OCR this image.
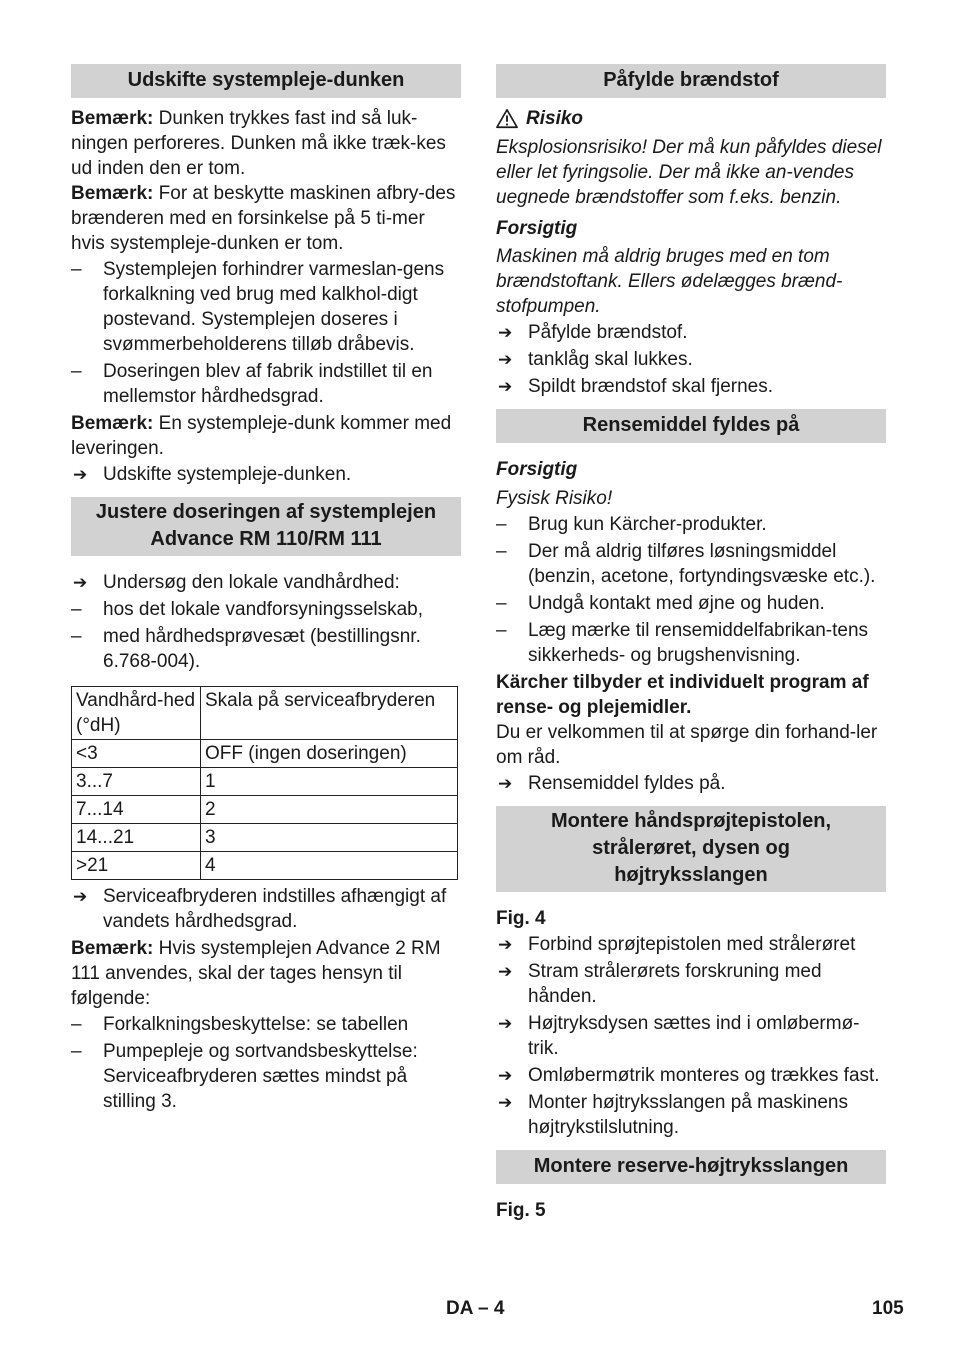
Udskifte systempleje-dunken

Bemærk: Dunken trykkes fast ind så luk-ningen perforeres. Dunken må ikke træk-kes ud inden den er tom.

Bemærk: For at beskytte maskinen afbry-des brænderen med en forsinkelse på 5 ti-mer hvis systempleje-dunken er tom.

– Systemplejen forhindrer varmeslan-gens forkalkning ved brug med kalkhol-digt postevand. Systemplejen doseres i svømmerbeholderens tilløb dråbevis.
– Doseringen blev af fabrik indstillet til en mellemstor hårdhedsgrad.

Bemærk: En systempleje-dunk kommer med leveringen.

➔ Udskifte systempleje-dunken.
Justere doseringen af systemplejen
Advance RM 110/RM 111
➔ Undersøg den lokale vandhårdhed:
– hos det lokale vandforsyningsselskab,
– med hårdhedsprøvesæt (bestillingsnr. 6.768-004).
Vandhård-hed (°dH)	Skala på serviceafbryderen
<3	OFF (ingen doseringen)
3...7	1
7...14	2
14...21	3
>21	4
➔ Serviceafbryderen indstilles afhængigt af vandets hårdhedsgrad.

Bemærk: Hvis systemplejen Advance 2 RM 111 anvendes, skal der tages hensyn til følgende:

– Forkalkningsbeskyttelse: se tabellen
– Pumpepleje og sortvandsbeskyttelse: Serviceafbryderen sættes mindst på stilling 3.
Påfylde brændstof
Risiko

Eksplosionsrisiko! Der må kun påfyldes diesel eller let fyringsolie. Der må ikke an-vendes uegnede brændstoffer som f.eks. benzin.

Forsigtig

Maskinen må aldrig bruges med en tom brændstoftank. Ellers ødelægges brænd-stofpumpen.

➔ Påfylde brændstof.
➔ tanklåg skal lukkes.
➔ Spildt brændstof skal fjernes.
Rensemiddel fyldes på

Forsigtig

Fysisk Risiko!

– Brug kun Kärcher-produkter.
– Der må aldrig tilføres løsningsmiddel (benzin, acetone, fortyndingsvæske etc.).
– Undgå kontakt med øjne og huden.
– Læg mærke til rensemiddelfabrikan-tens sikkerheds- og brugshenvisning.

Kärcher tilbyder et individuelt program af rense- og plejemidler.

Du er velkommen til at spørge din forhand-ler om råd.

➔ Rensemiddel fyldes på.
Montere håndsprøjtepistolen,
strålerøret, dysen og
højtryksslangen

Fig. 4

➔ Forbind sprøjtepistolen med strålerøret
➔ Stram strålerørets forskruning med hånden.
➔ Højtryksdysen sættes ind i omløbermø-trik.
➔ Omløbermøtrik monteres og trækkes fast.
➔ Monter højtryksslangen på maskinens højtrykstilslutning.
Montere reserve-højtryksslangen

Fig. 5

DA – 4	105
